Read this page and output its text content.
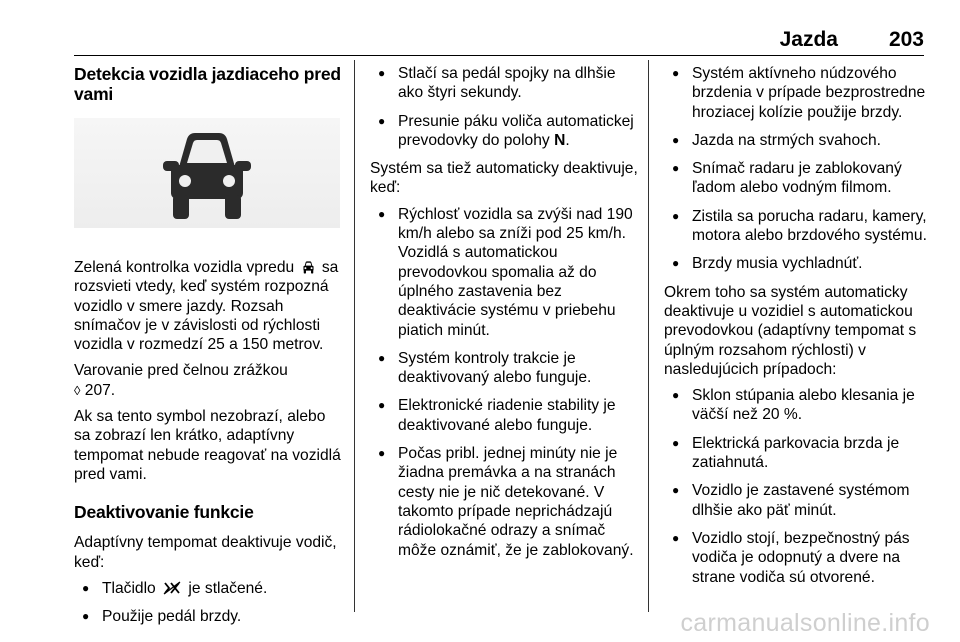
Jazda 203
Detekcia vozidla jazdiaceho pred vami

Zelená kontrolka vozidla vpredu sa rozsvieti vtedy, keď systém rozpozná vozidlo v smere jazdy. Rozsah snímačov je v závislosti od rýchlosti vozidla v rozmedzí 25 a 150 metrov.

Varovanie pred čelnou zrážkou
◊ 207.

Ak sa tento symbol nezobrazí, alebo sa zobrazí len krátko, adaptívny tempomat nebude reagovať na vozidlá pred vami.

Deaktivovanie funkcie

Adaptívny tempomat deaktivuje vodič, keď:

● Tlačidlo je stlačené.
● Použije pedál brzdy.
● Stlačí sa pedál spojky na dlhšie ako štyri sekundy.
● Presunie páku voliča automatickej prevodovky do polohy N.

Systém sa tiež automaticky deaktivuje, keď:

● Rýchlosť vozidla sa zvýši nad 190 km/h alebo sa zníži pod 25 km/h. Vozidlá s automatickou prevodovkou spomalia až do úplného zastavenia bez deaktivácie systému v priebehu piatich minút.
● Systém kontroly trakcie je deaktivovaný alebo funguje.
● Elektronické riadenie stability je deaktivované alebo funguje.
● Počas pribl. jednej minúty nie je žiadna premávka a na stranách cesty nie je nič detekované. V takomto prípade neprichádzajú rádiolokačné odrazy a snímač môže oznámiť, že je zablokovaný.
● Systém aktívneho núdzového brzdenia v prípade bezprostredne hroziacej kolízie použije brzdy.
● Jazda na strmých svahoch.
● Snímač radaru je zablokovaný ľadom alebo vodným filmom.
● Zistila sa porucha radaru, kamery, motora alebo brzdového systému.
● Brzdy musia vychladnúť.

Okrem toho sa systém automaticky deaktivuje u vozidiel s automatickou prevodovkou (adaptívny tempomat s úplným rozsahom rýchlosti) v nasledujúcich prípadoch:

● Sklon stúpania alebo klesania je väčší než 20 %.
● Elektrická parkovacia brzda je zatiahnutá.
● Vozidlo je zastavené systémom dlhšie ako päť minút.
● Vozidlo stojí, bezpečnostný pás vodiča je odopnutý a dvere na strane vodiča sú otvorené.
carmanualsonline.info
